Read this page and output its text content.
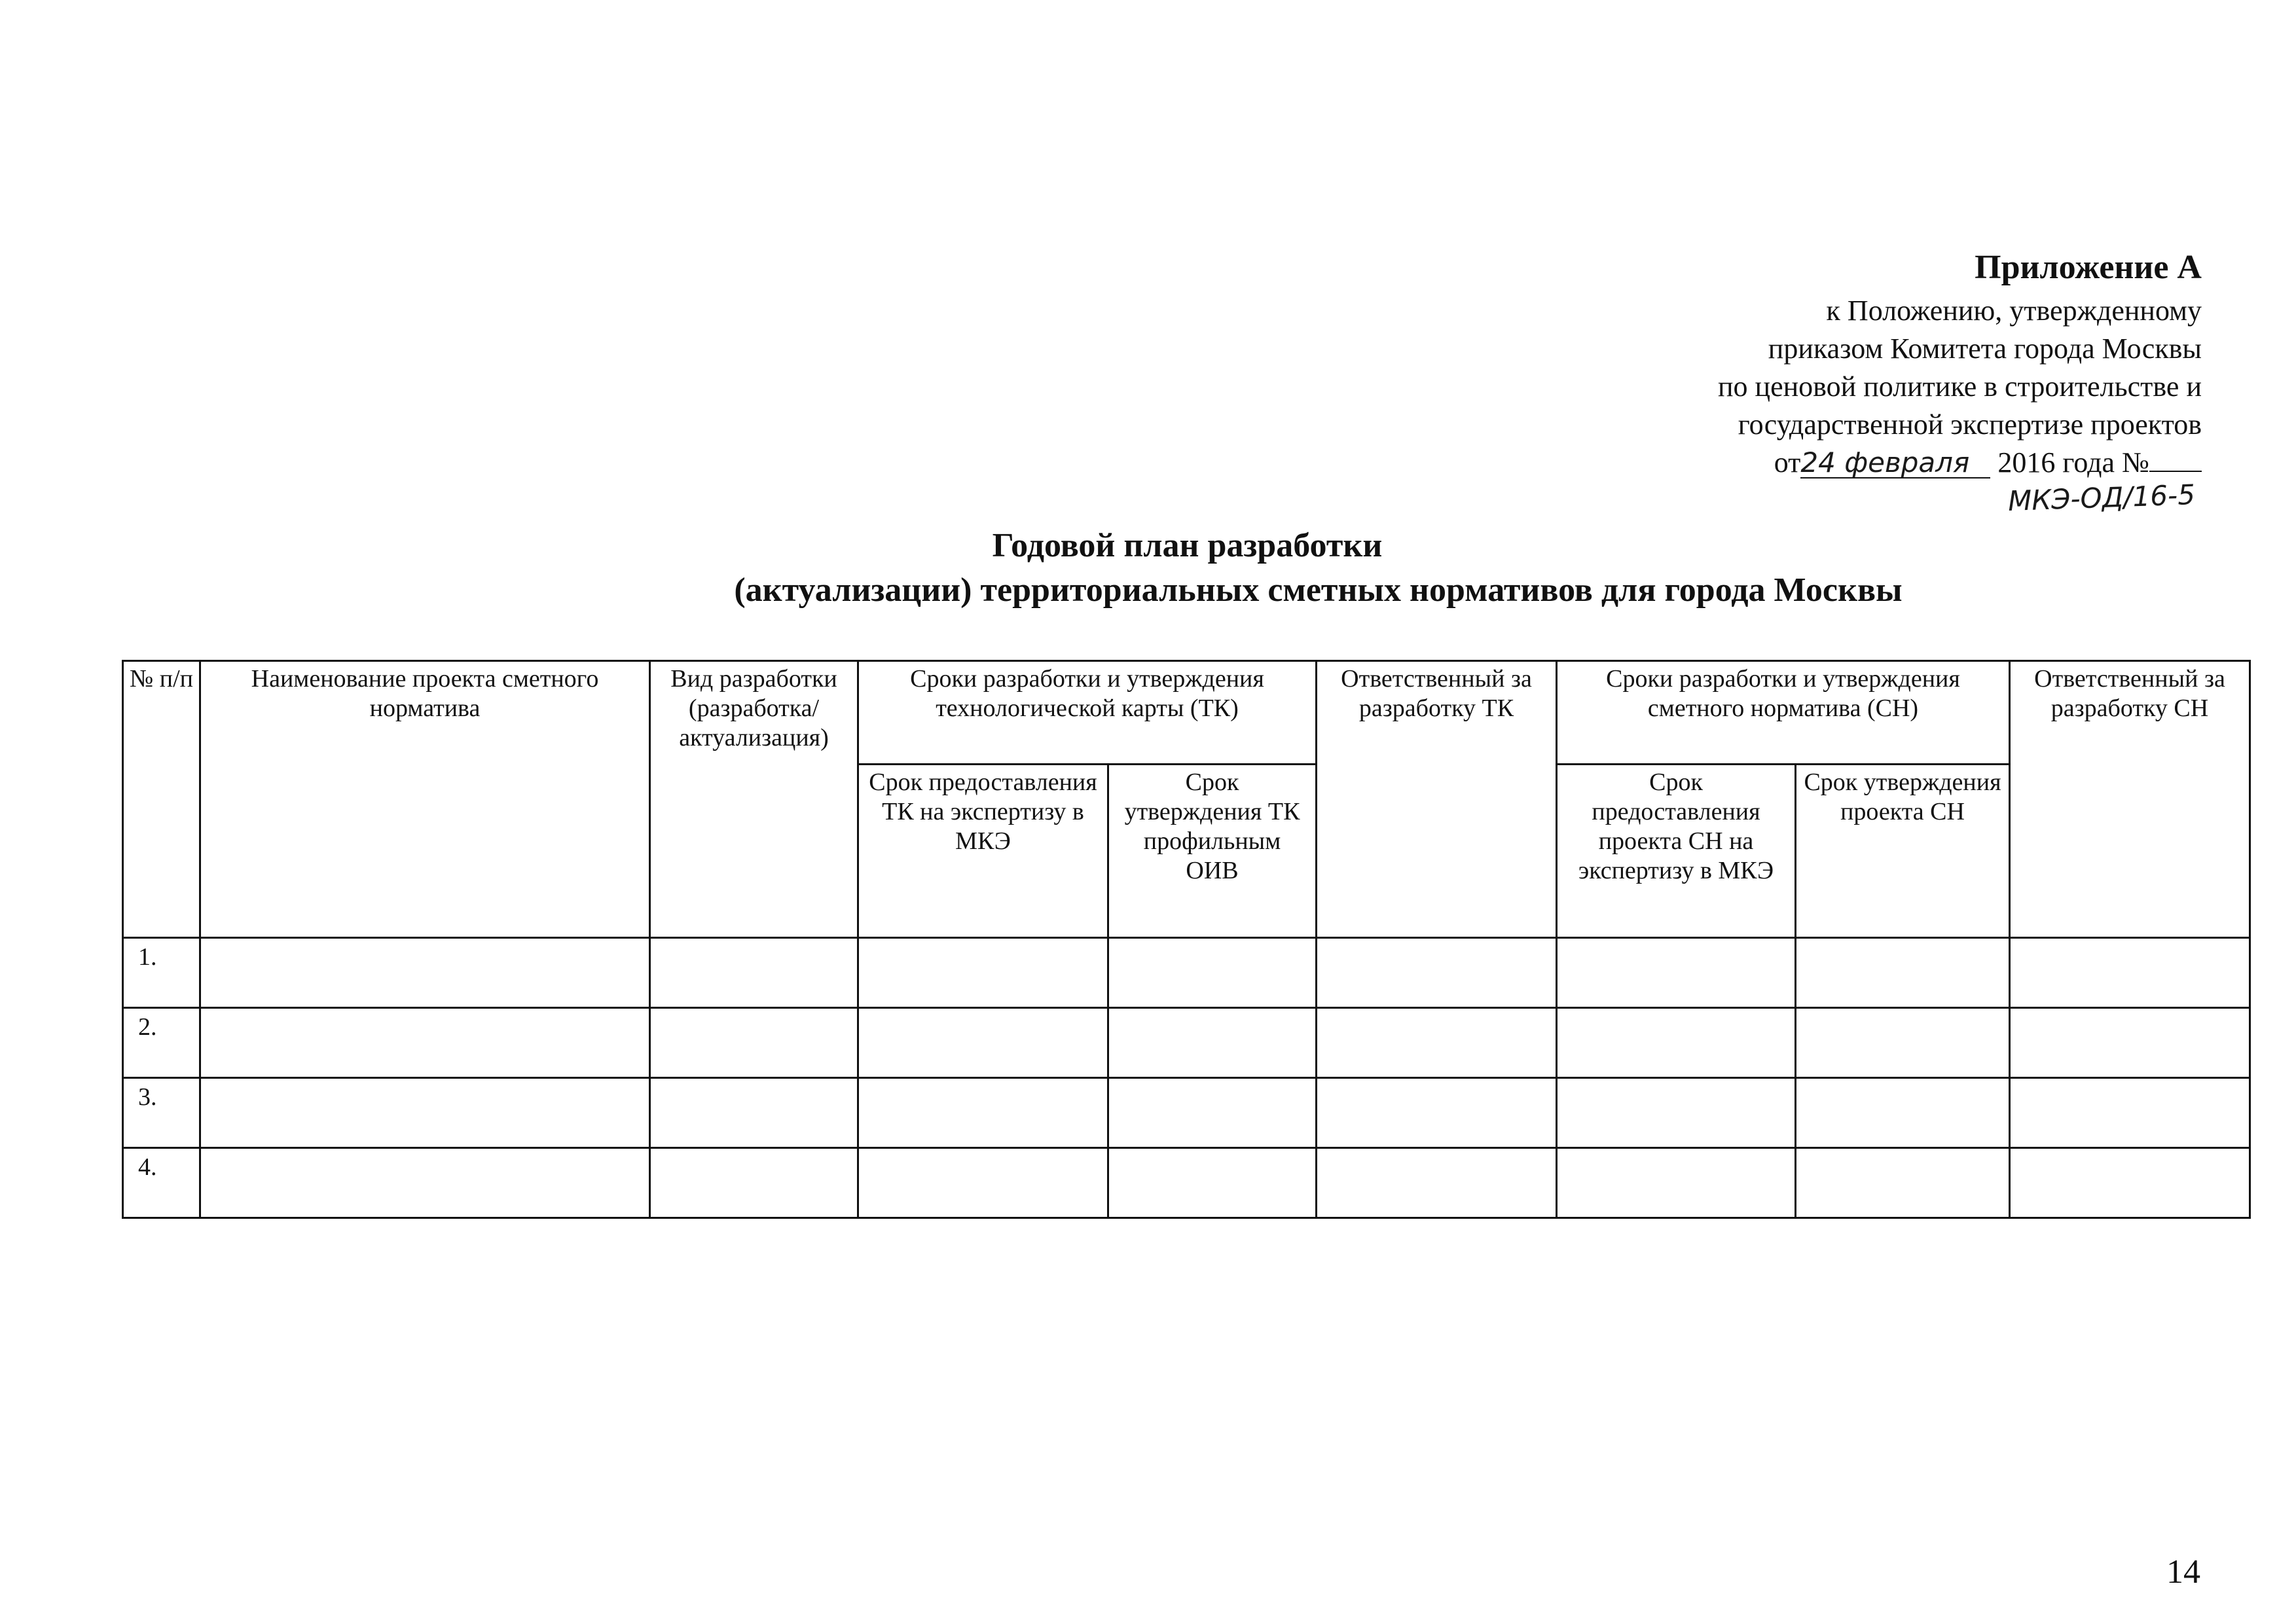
Приложение А
к Положению, утвержденному
приказом Комитета города Москвы
по ценовой политике в строительстве и
государственной экспертизе проектов
от24 февраля 2016 года №
МКЭ-ОД/16-5
Годовой план разработки
(актуализации) территориальных сметных нормативов для города Москвы
№ п/п	Наименование проекта сметного норматива	Вид разработки (разработка/ актуализация)	Сроки разработки и утверждения технологической карты (ТК)		Ответственный за разработку ТК	Сроки разработки и утверждения сметного норматива (СН)		Ответственный за разработку СН
			Срок предоставления ТК на экспертизу в МКЭ	Срок утверждения ТК профильным ОИВ		Срок предоставления проекта СН на экспертизу в МКЭ	Срок утверждения проекта СН	
1.								
2.								
3.								
4.								
14
